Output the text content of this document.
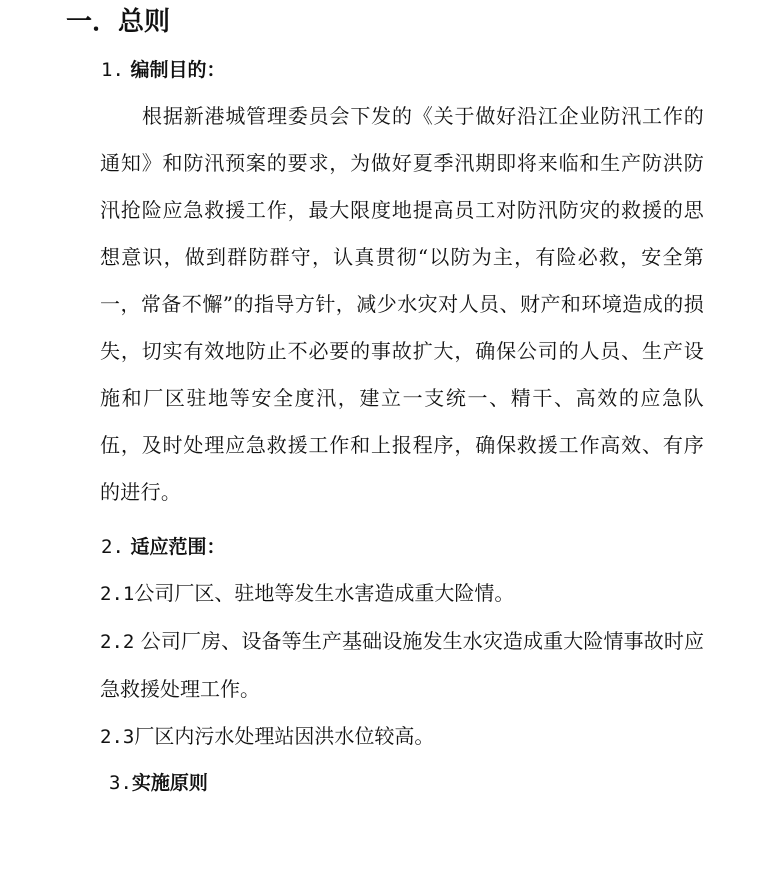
一．总则
1. 编制目的：

根据新港城管理委员会下发的《关于做好沿江企业防汛工作的通知》和防汛预案的要求，为做好夏季汛期即将来临和生产防洪防汛抢险应急救援工作，最大限度地提高员工对防汛防灾的救援的思想意识，做到群防群守，认真贯彻“以防为主，有险必救，安全第一，常备不懈”的指导方针，减少水灾对人员、财产和环境造成的损失，切实有效地防止不必要的事故扩大，确保公司的人员、生产设施和厂区驻地等安全度汛，建立一支统一、精干、高效的应急队伍，及时处理应急救援工作和上报程序，确保救援工作高效、有序的进行。

2. 适应范围：

2.1公司厂区、驻地等发生水害造成重大险情。

2.2 公司厂房、设备等生产基础设施发生水灾造成重大险情事故时应急救援处理工作。

2.3厂区内污水处理站因洪水位较高。

3.实施原则
